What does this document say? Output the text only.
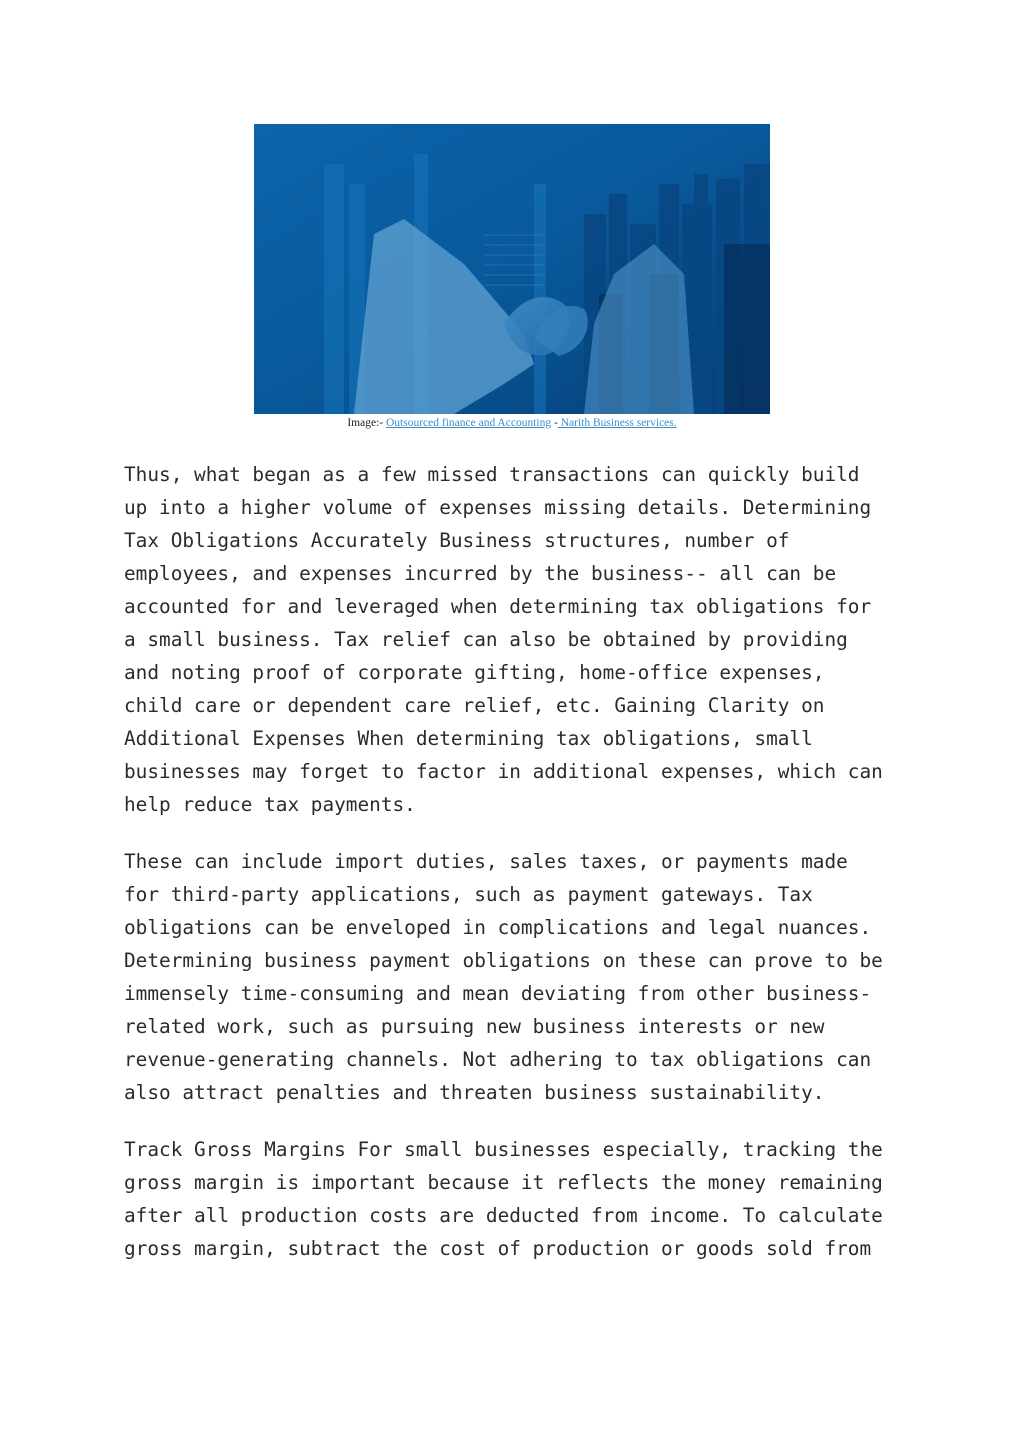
Image:- Outsourced finance and Accounting - Narith Business services.

Thus, what began as a few missed transactions can quickly build
up into a higher volume of expenses missing details. Determining
Tax Obligations Accurately Business structures, number of
employees, and expenses incurred by the business-- all can be
accounted for and leveraged when determining tax obligations for
a small business. Tax relief can also be obtained by providing
and noting proof of corporate gifting, home-office expenses,
child care or dependent care relief, etc. Gaining Clarity on
Additional Expenses When determining tax obligations, small
businesses may forget to factor in additional expenses, which can
help reduce tax payments.

These can include import duties, sales taxes, or payments made
for third-party applications, such as payment gateways. Tax
obligations can be enveloped in complications and legal nuances.
Determining business payment obligations on these can prove to be
immensely time-consuming and mean deviating from other business-
related work, such as pursuing new business interests or new
revenue-generating channels. Not adhering to tax obligations can
also attract penalties and threaten business sustainability.

Track Gross Margins For small businesses especially, tracking the
gross margin is important because it reflects the money remaining
after all production costs are deducted from income. To calculate
gross margin, subtract the cost of production or goods sold from
